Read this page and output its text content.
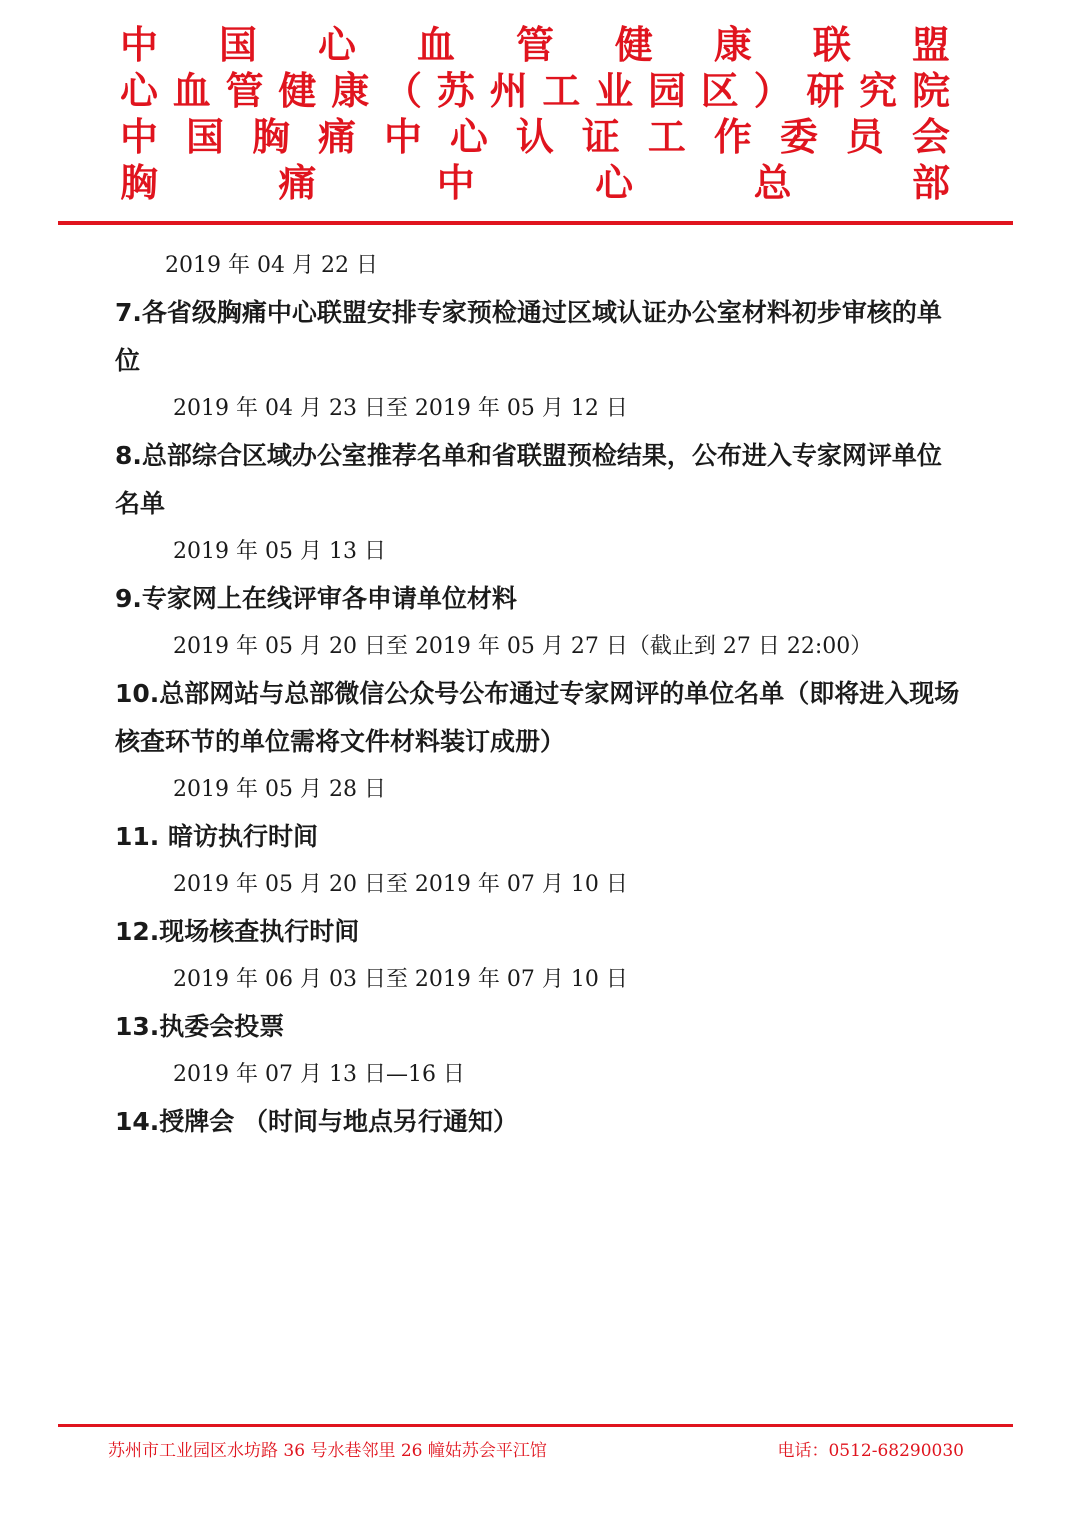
中 国 心 血 管 健 康 联 盟
心 血 管 健 康 （ 苏 州 工 业 园 区 ） 研 究 院
中 国 胸 痛 中 心 认 证 工 作 委 员 会
胸	痛	中	心	总	部
2019 年 04 月 22 日
7.各省级胸痛中心联盟安排专家预检通过区域认证办公室材料初步审核的单位
2019 年 04 月 23 日至 2019 年 05 月 12 日
8.总部综合区域办公室推荐名单和省联盟预检结果，公布进入专家网评单位名单
2019 年 05 月 13 日
9.专家网上在线评审各申请单位材料
2019 年 05 月 20 日至 2019 年 05 月 27 日（截止到 27 日 22:00）
10.总部网站与总部微信公众号公布通过专家网评的单位名单（即将进入现场核查环节的单位需将文件材料装订成册）
2019 年 05 月 28 日
11. 暗访执行时间
2019 年 05 月 20 日至 2019 年 07 月 10 日
12.现场核查执行时间
2019 年 06 月 03 日至 2019 年 07 月 10 日
13.执委会投票
2019 年 07 月 13 日—16 日
14.授牌会 （时间与地点另行通知）
苏州市工业园区水坊路 36 号水巷邻里 26 幢姑苏会平江馆	电话：0512-68290030
